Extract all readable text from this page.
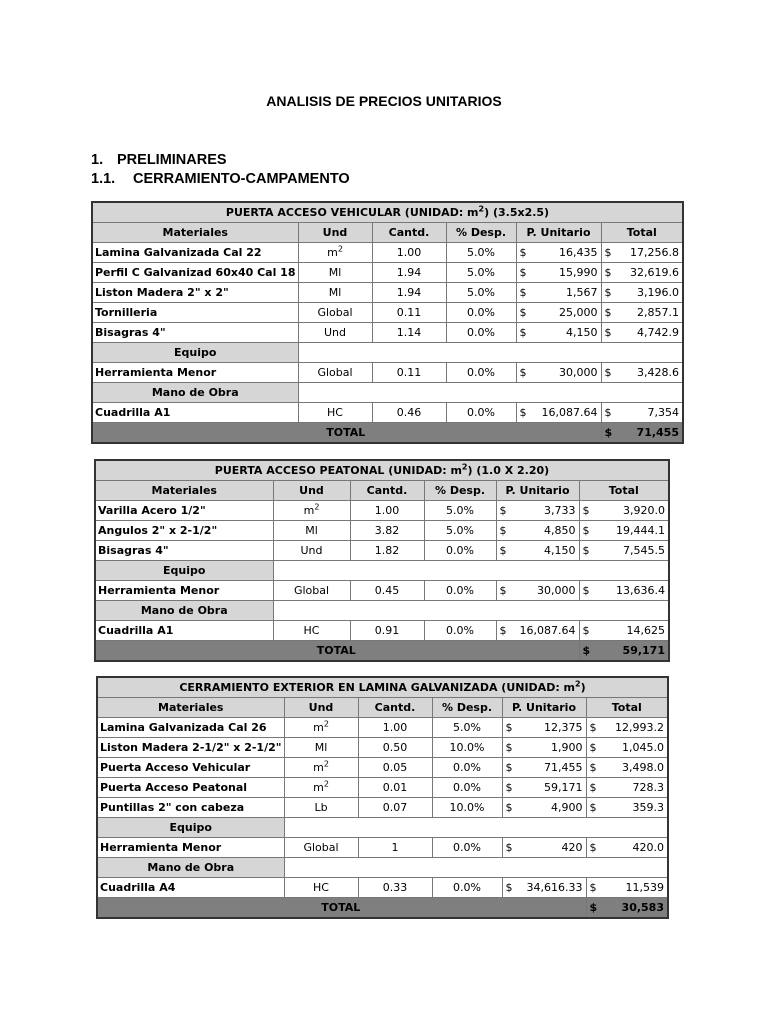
ANALISIS DE PRECIOS UNITARIOS
1. PRELIMINARES
1.1. CERRAMIENTO-CAMPAMENTO
PUERTA ACCESO VEHICULAR (UNIDAD: $m^2$) (3.5x2.5)					
Materiales	Und	Cantd.	% Desp.	P. Unitario	Total
Lamina Galvanizada Cal 22	$m^2$	1.00	5.0%	$ 16,435	$ 17,256.8

Perfil C Galvanizad 60x40 Cal 18	Ml	1.94	5.0%	$ 15,990	$ 32,619.6

Liston Madera 2" x 2"	Ml	1.94	5.0%	$ 1,567	$ 3,196.0

Tornilleria	Global	0.11	0.0%	$ 25,000	$ 2,857.1

Bisagras 4"	Und	1.14	0.0%	$ 4,150	$ 4,742.9

Equipo					
Herramienta Menor	Global	0.11	0.0%	$ 30,000	$ 3,428.6

Mano de Obra					
Cuadrilla A1	HC	0.46	0.0%	$ 16,087.64	$ 7,354

TOTAL					$ 71,455
PUERTA ACCESO PEATONAL (UNIDAD: $m^2$) (1.0 X 2.20)					
Materiales	Und	Cantd.	% Desp.	P. Unitario	Total
Varilla Acero 1/2"	$m^2$	1.00	5.0%	$ 3,733	$ 3,920.0

Angulos 2" x 2-1/2"	Ml	3.82	5.0%	$ 4,850	$ 19,444.1

Bisagras 4"	Und	1.82	0.0%	$ 4,150	$ 7,545.5

Equipo					
Herramienta Menor	Global	0.45	0.0%	$ 30,000	$ 13,636.4

Mano de Obra					
Cuadrilla A1	HC	0.91	0.0%	$ 16,087.64	$ 14,625

TOTAL					$ 59,171
CERRAMIENTO EXTERIOR EN LAMINA GALVANIZADA (UNIDAD: $m^2$)					
Materiales	Und	Cantd.	% Desp.	P. Unitario	Total
Lamina Galvanizada Cal 26	$m^2$	1.00	5.0%	$ 12,375	$ 12,993.2

Liston Madera 2-1/2" x 2-1/2"	Ml	0.50	10.0%	$ 1,900	$ 1,045.0

Puerta Acceso Vehicular	$m^2$	0.05	0.0%	$ 71,455	$ 3,498.0

Puerta Acceso Peatonal	$m^2$	0.01	0.0%	$ 59,171	$ 728.3

Puntillas 2" con cabeza	Lb	0.07	10.0%	$ 4,900	$ 359.3

Equipo					
Herramienta Menor	Global	1	0.0%	$ 420	$ 420.0

Mano de Obra					
Cuadrilla A4	HC	0.33	0.0%	$ 34,616.33	$ 11,539

TOTAL					$ 30,583
